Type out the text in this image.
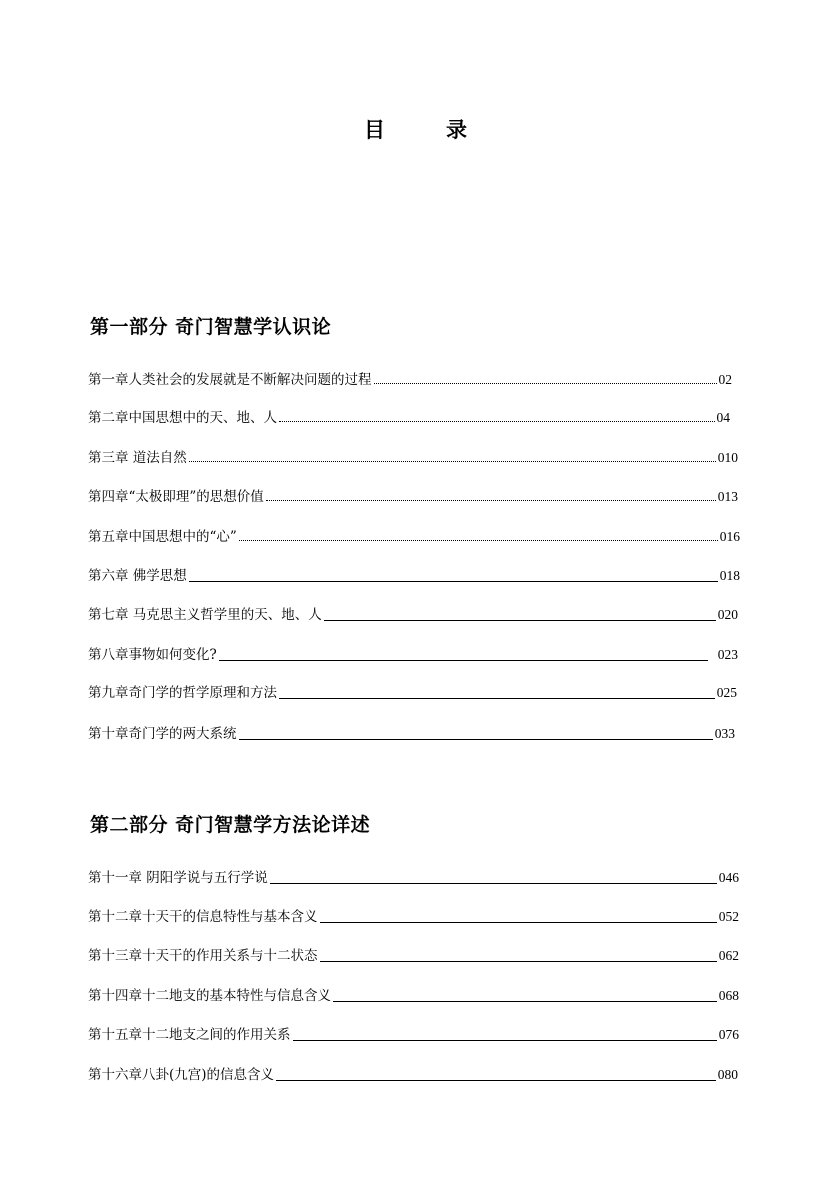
目　录
第一部分 奇门智慧学认识论
第一章人类社会的发展就是不断解决问题的过程	02
第二章中国思想中的天、地、人	04
第三章 道法自然	010
第四章“太极即理”的思想价值	013
第五章中国思想中的“心”	016
第六章 佛学思想	018
第七章 马克思主义哲学里的天、地、人	020
第八章事物如何变化?	023
第九章奇门学的哲学原理和方法	025
第十章奇门学的两大系统	033
第二部分 奇门智慧学方法论详述
第十一章 阴阳学说与五行学说	046
第十二章十天干的信息特性与基本含义	052
第十三章十天干的作用关系与十二状态	062
第十四章十二地支的基本特性与信息含义	068
第十五章十二地支之间的作用关系	076
第十六章八卦(九宫)的信息含义	080
